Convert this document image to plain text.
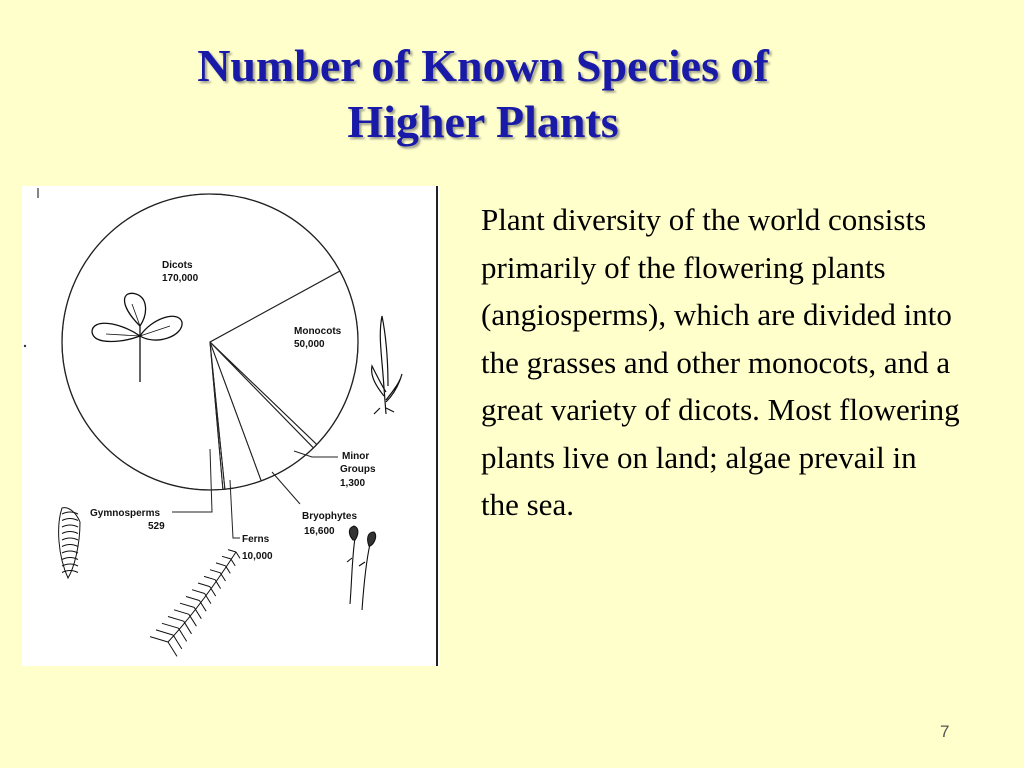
Number of Known Species of
Higher Plants
Dicots
170,000
Monocots
50,000
Minor
Groups
1,300
Bryophytes
16,600
Ferns
10,000
Gymnosperms
529

Plant diversity of the world consists primarily of the flowering plants (angiosperms), which are divided into the grasses and other monocots, and a great variety of dicots. Most flowering plants live on land; algae prevail in the sea.

7
